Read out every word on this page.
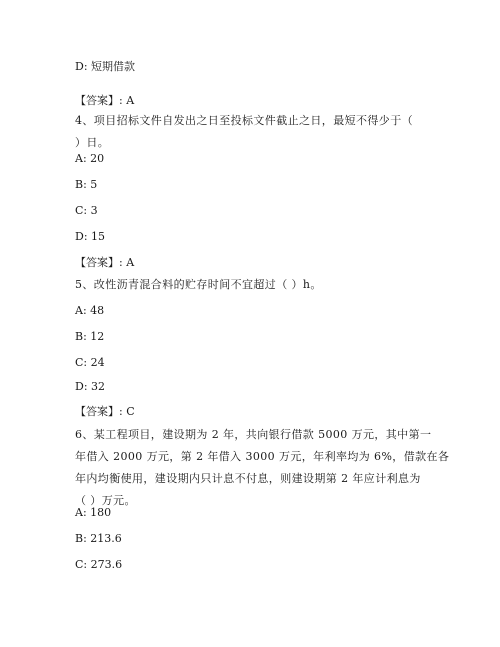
D: 短期借款
【答案】: A
4、项目招标文件自发出之日至投标文件截止之日，最短不得少于（
）日。
A: 20
B: 5
C: 3
D: 15
【答案】: A
5、改性沥青混合料的贮存时间不宜超过（ ）h。
A: 48
B: 12
C: 24
D: 32
【答案】: C
6、某工程项目，建设期为 2 年，共向银行借款 5000 万元，其中第一
年借入 2000 万元，第 2 年借入 3000 万元，年利率均为 6%，借款在各
年内均衡使用，建设期内只计息不付息，则建设期第 2 年应计利息为
（ ）万元。
A: 180
B: 213.6
C: 273.6
